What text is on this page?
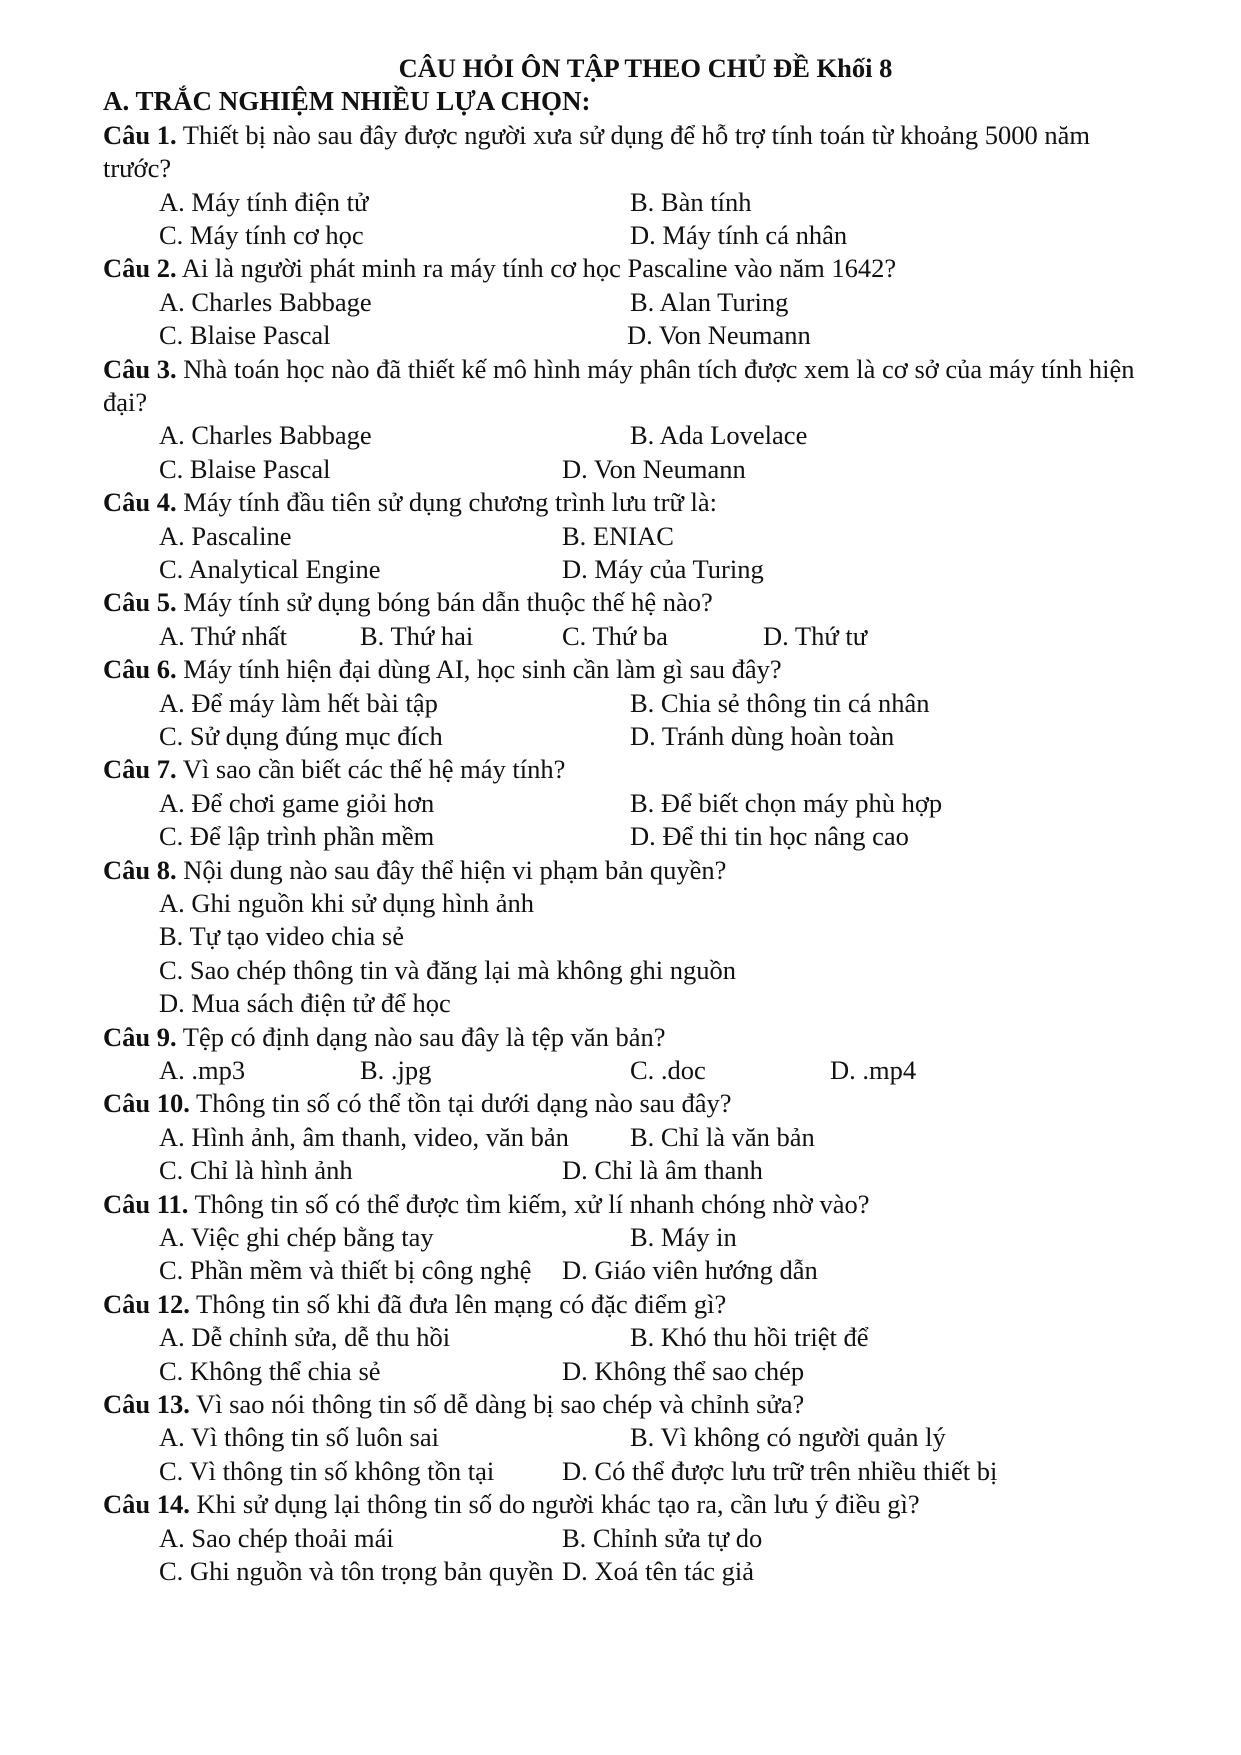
CÂU HỎI ÔN TẬP THEO CHỦ ĐỀ Khối 8
A. TRẮC NGHIỆM NHIỀU LỰA CHỌN:
Câu 1. Thiết bị nào sau đây được người xưa sử dụng để hỗ trợ tính toán từ khoảng 5000 năm trước?
A. Máy tính điện tử	B. Bàn tính
C. Máy tính cơ học	D. Máy tính cá nhân
Câu 2. Ai là người phát minh ra máy tính cơ học Pascaline vào năm 1642?
A. Charles Babbage	B. Alan Turing
C. Blaise Pascal	D. Von Neumann
Câu 3. Nhà toán học nào đã thiết kế mô hình máy phân tích được xem là cơ sở của máy tính hiện đại?
A. Charles Babbage	B. Ada Lovelace
C. Blaise Pascal	D. Von Neumann
Câu 4. Máy tính đầu tiên sử dụng chương trình lưu trữ là:
A. Pascaline	B. ENIAC
C. Analytical Engine	D. Máy của Turing
Câu 5. Máy tính sử dụng bóng bán dẫn thuộc thế hệ nào?
A. Thứ nhất	B. Thứ hai	C. Thứ ba	D. Thứ tư
Câu 6. Máy tính hiện đại dùng AI, học sinh cần làm gì sau đây?
A. Để máy làm hết bài tập	B. Chia sẻ thông tin cá nhân
C. Sử dụng đúng mục đích	D. Tránh dùng hoàn toàn
Câu 7. Vì sao cần biết các thế hệ máy tính?
A. Để chơi game giỏi hơn	B. Để biết chọn máy phù hợp
C. Để lập trình phần mềm	D. Để thi tin học nâng cao
Câu 8. Nội dung nào sau đây thể hiện vi phạm bản quyền?
A. Ghi nguồn khi sử dụng hình ảnh
B. Tự tạo video chia sẻ
C. Sao chép thông tin và đăng lại mà không ghi nguồn
D. Mua sách điện tử để học
Câu 9. Tệp có định dạng nào sau đây là tệp văn bản?
A. .mp3	B. .jpg	C. .doc	D. .mp4
Câu 10. Thông tin số có thể tồn tại dưới dạng nào sau đây?
A. Hình ảnh, âm thanh, video, văn bản B. Chỉ là văn bản
C. Chỉ là hình ảnh	D. Chỉ là âm thanh
Câu 11. Thông tin số có thể được tìm kiếm, xử lí nhanh chóng nhờ vào?
A. Việc ghi chép bằng tay	B. Máy in
C. Phần mềm và thiết bị công nghệ D. Giáo viên hướng dẫn
Câu 12. Thông tin số khi đã đưa lên mạng có đặc điểm gì?
A. Dễ chỉnh sửa, dễ thu hồi	B. Khó thu hồi triệt để
C. Không thể chia sẻ	D. Không thể sao chép
Câu 13. Vì sao nói thông tin số dễ dàng bị sao chép và chỉnh sửa?
A. Vì thông tin số luôn sai	B. Vì không có người quản lý
C. Vì thông tin số không tồn tại	D. Có thể được lưu trữ trên nhiều thiết bị
Câu 14. Khi sử dụng lại thông tin số do người khác tạo ra, cần lưu ý điều gì?
A. Sao chép thoải mái	B. Chỉnh sửa tự do
C. Ghi nguồn và tôn trọng bản quyền D. Xoá tên tác giả
